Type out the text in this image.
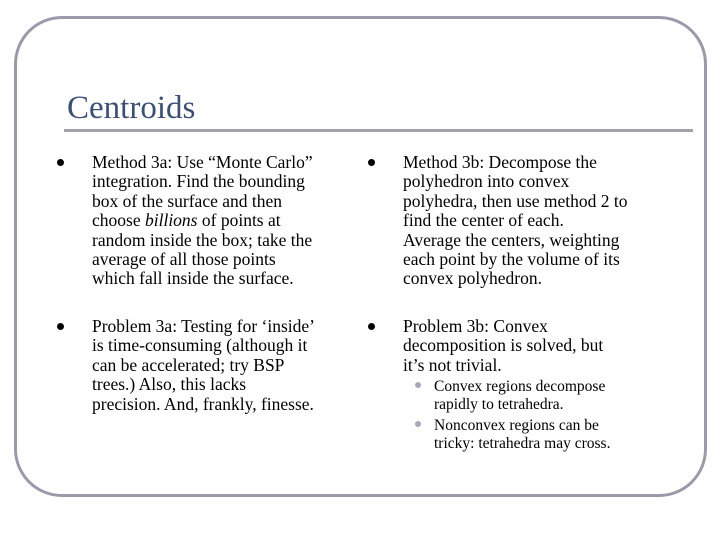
Centroids
Method 3a: Use “Monte Carlo”
integration. Find the bounding
box of the surface and then
choose billions of points at
random inside the box; take the
average of all those points
which fall inside the surface.
Problem 3a: Testing for ‘inside’
is time-consuming (although it
can be accelerated; try BSP
trees.) Also, this lacks
precision. And, frankly, finesse.
Method 3b: Decompose the
polyhedron into convex
polyhedra, then use method 2 to
find the center of each.
Average the centers, weighting
each point by the volume of its
convex polyhedron.
Problem 3b: Convex
decomposition is solved, but
it’s not trivial.
Convex regions decompose
rapidly to tetrahedra.
Nonconvex regions can be
tricky: tetrahedra may cross.
